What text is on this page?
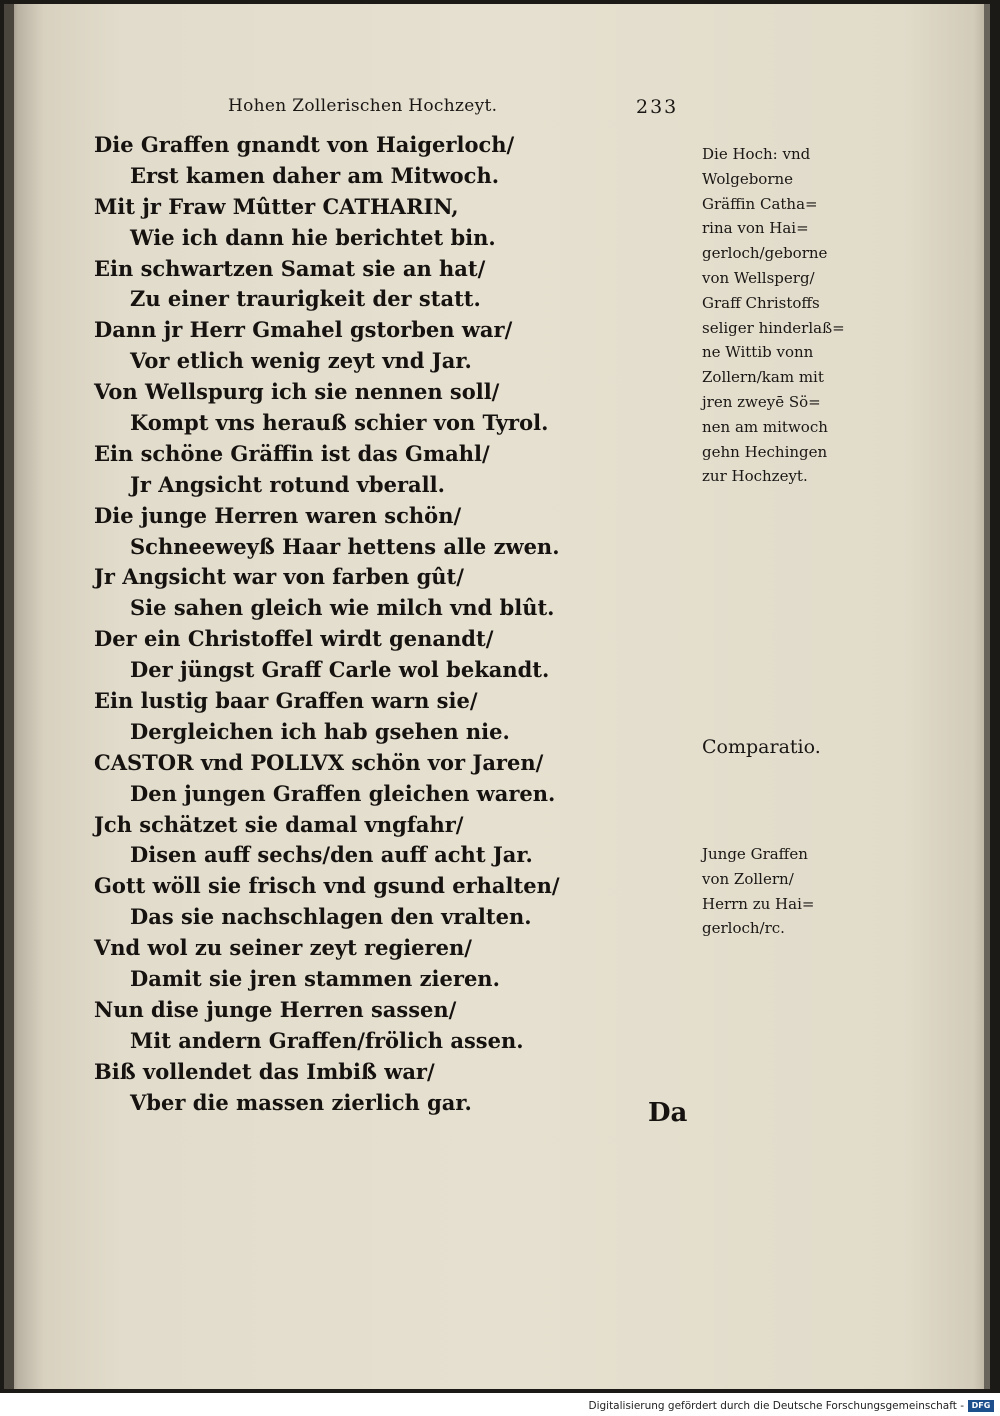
Hohen Zollerischen Hochzeyt.	233
Die Graffen gnandt von Haigerloch/
Erst kamen daher am Mitwoch.
Mit jr Fraw Mûtter CATHARIN,
Wie ich dann hie berichtet bin.
Ein schwartzen Samat sie an hat/
Zu einer traurigkeit der statt.
Dann jr Herr Gmahel gstorben war/
Vor etlich wenig zeyt vnd Jar.
Von Wellspurg ich sie nennen soll/
Kompt vns herauß schier von Tyrol.
Ein schöne Gräffin ist das Gmahl/
Jr Angsicht rotund vberall.
Die junge Herren waren schön/
Schneeweyß Haar hettens alle zwen.
Jr Angsicht war von farben gût/
Sie sahen gleich wie milch vnd blût.
Der ein Christoffel wirdt genandt/
Der jüngst Graff Carle wol bekandt.
Ein lustig baar Graffen warn sie/
Dergleichen ich hab gsehen nie.
CASTOR vnd POLLVX schön vor Jaren/
Den jungen Graffen gleichen waren.
Jch schätzet sie damal vngfahr/
Disen auff sechs/den auff acht Jar.
Gott wöll sie frisch vnd gsund erhalten/
Das sie nachschlagen den vralten.
Vnd wol zu seiner zeyt regieren/
Damit sie jren stammen zieren.
Nun dise junge Herren sassen/
Mit andern Graffen/frölich assen.
Biß vollendet das Imbiß war/
Vber die massen zierlich gar.
Die Hoch: vnd
Wolgeborne
Gräffin Catha=
rina von Hai=
gerloch/geborne
von Wellsperg/
Graff Christoffs
seliger hinderlaß=
ne Wittib vonn
Zollern/kam mit
jren zweyē Sö=
nen am mitwoch
gehn Hechingen
zur Hochzeyt.
Comparatio.
Junge Graffen
von Zollern/
Herrn zu Hai=
gerloch/rc.
Da
Digitalisierung gefördert durch die Deutsche Forschungsgemeinschaft - DFG
